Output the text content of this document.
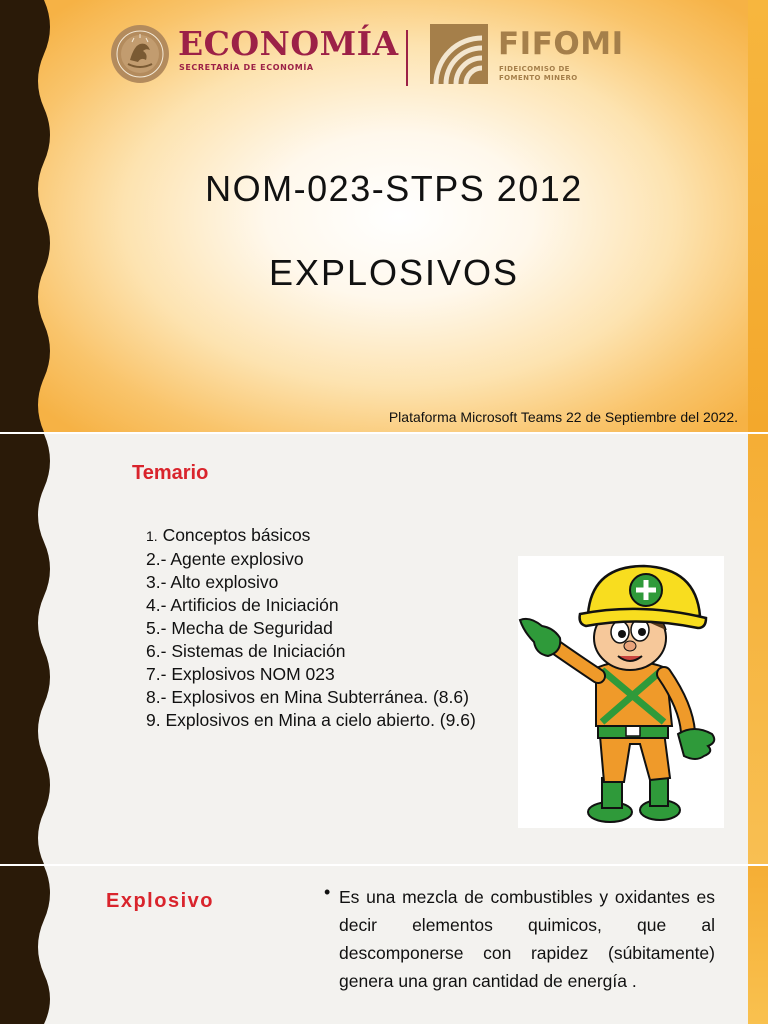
ECONOMÍA
SECRETARÍA DE ECONOMÍA
FIFOMI
FIDEICOMISO DE
FOMENTO MINERO
NOM-023-STPS 2012
EXPLOSIVOS
Plataforma Microsoft Teams 22 de Septiembre del 2022.
Temario
1. Conceptos básicos
2.- Agente explosivo
3.- Alto explosivo
4.- Artificios de Iniciación
5.- Mecha de Seguridad
6.- Sistemas de Iniciación
7.- Explosivos NOM 023
8.- Explosivos en Mina Subterránea. (8.6)
9. Explosivos en Mina a cielo abierto. (9.6)
Explosivo	• Es una mezcla de combustibles y oxidantes es decir elementos quimicos, que al descomponerse con rapidez (súbitamente) genera una gran cantidad de energía .
